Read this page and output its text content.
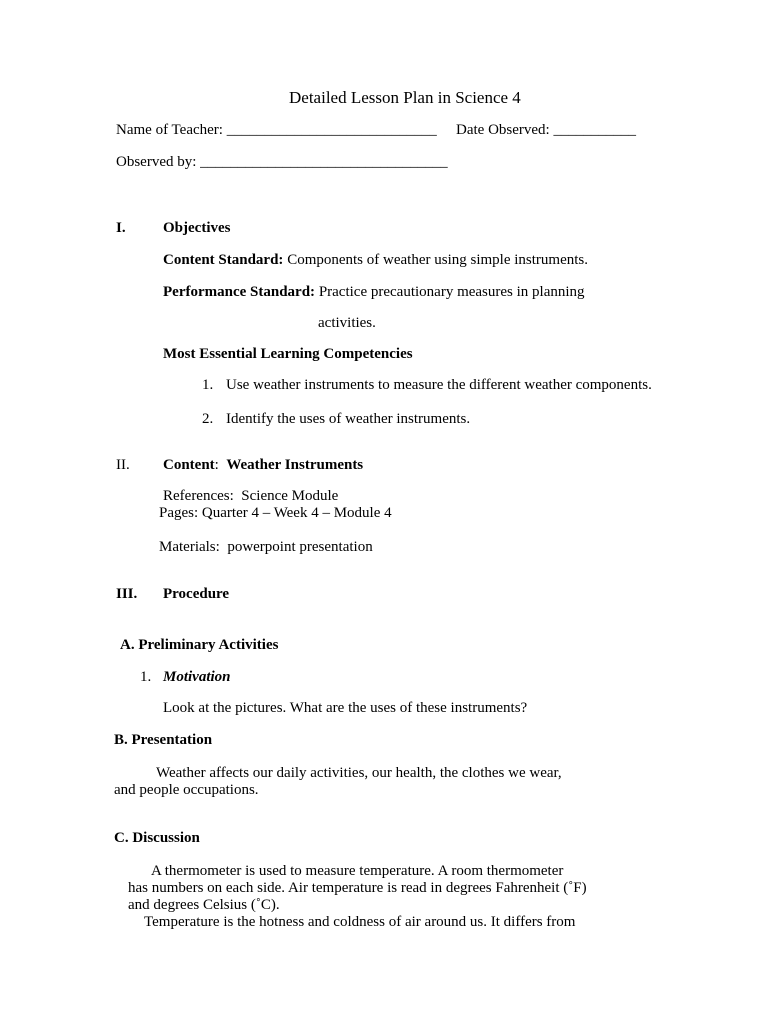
Detailed Lesson Plan in Science 4
Name of Teacher: ____________________________ Date Observed: ___________
Observed by: _________________________________
I. Objectives
Content Standard: Components of weather using simple instruments.
Performance Standard: Practice precautionary measures in planning
activities.
Most Essential Learning Competencies
1. Use weather instruments to measure the different weather components.
2. Identify the uses of weather instruments.
II. Content:  Weather Instruments
References:  Science Module
Pages: Quarter 4 – Week 4 – Module 4
Materials:  powerpoint presentation
III. Procedure
A. Preliminary Activities
1. Motivation
Look at the pictures. What are the uses of these instruments?
B. Presentation
Weather affects our daily activities, our health, the clothes we wear,
and people occupations.
C. Discussion
A thermometer is used to measure temperature. A room thermometer
has numbers on each side. Air temperature is read in degrees Fahrenheit (˚F)
and degrees Celsius (˚C).
Temperature is the hotness and coldness of air around us. It differs from
